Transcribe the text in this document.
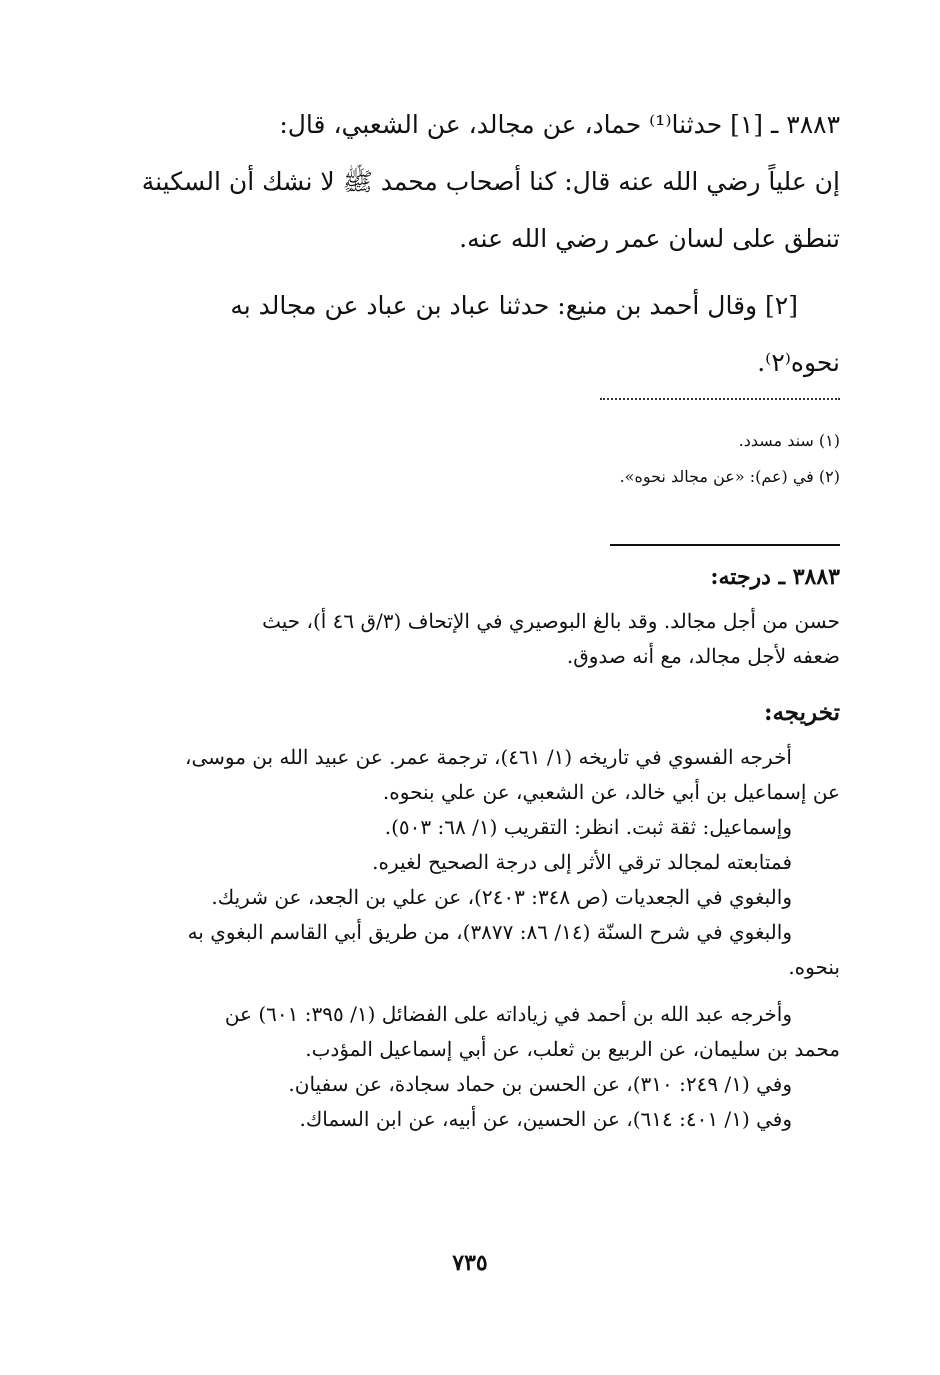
٣٨٨٣ ـ [١] حدثنا⁽¹⁾ حماد، عن مجالد، عن الشعبي، قال:
إن علياً رضي الله عنه قال: كنا أصحاب محمد ﷺ لا نشك أن السكينة
تنطق على لسان عمر رضي الله عنه.
[٢] وقال أحمد بن منيع: حدثنا عباد بن عباد عن مجالد به
نحوه⁽٢⁾.
(١) سند مسدد.
(٢) في (عم): «عن مجالد نحوه».
٣٨٨٣ ـ درجته:
حسن من أجل مجالد. وقد بالغ البوصيري في الإتحاف (٣/ق ٤٦ أ)، حيث
ضعفه لأجل مجالد، مع أنه صدوق.
تخريجه:
أخرجه الفسوي في تاريخه (١/ ٤٦١)، ترجمة عمر. عن عبيد الله بن موسى،
عن إسماعيل بن أبي خالد، عن الشعبي، عن علي بنحوه.
وإسماعيل: ثقة ثبت. انظر: التقريب (١/ ٦٨: ٥٠٣).
فمتابعته لمجالد ترقي الأثر إلى درجة الصحيح لغيره.
والبغوي في الجعديات (ص ٣٤٨: ٢٤٠٣)، عن علي بن الجعد، عن شريك.
والبغوي في شرح السنّة (١٤/ ٨٦: ٣٨٧٧)، من طريق أبي القاسم البغوي به
بنحوه.
وأخرجه عبد الله بن أحمد في زياداته على الفضائل (١/ ٣٩٥: ٦٠١) عن
محمد بن سليمان، عن الربيع بن ثعلب، عن أبي إسماعيل المؤدب.
وفي (١/ ٢٤٩: ٣١٠)، عن الحسن بن حماد سجادة، عن سفيان.
وفي (١/ ٤٠١: ٦١٤)، عن الحسين، عن أبيه، عن ابن السماك.
٧٣٥
